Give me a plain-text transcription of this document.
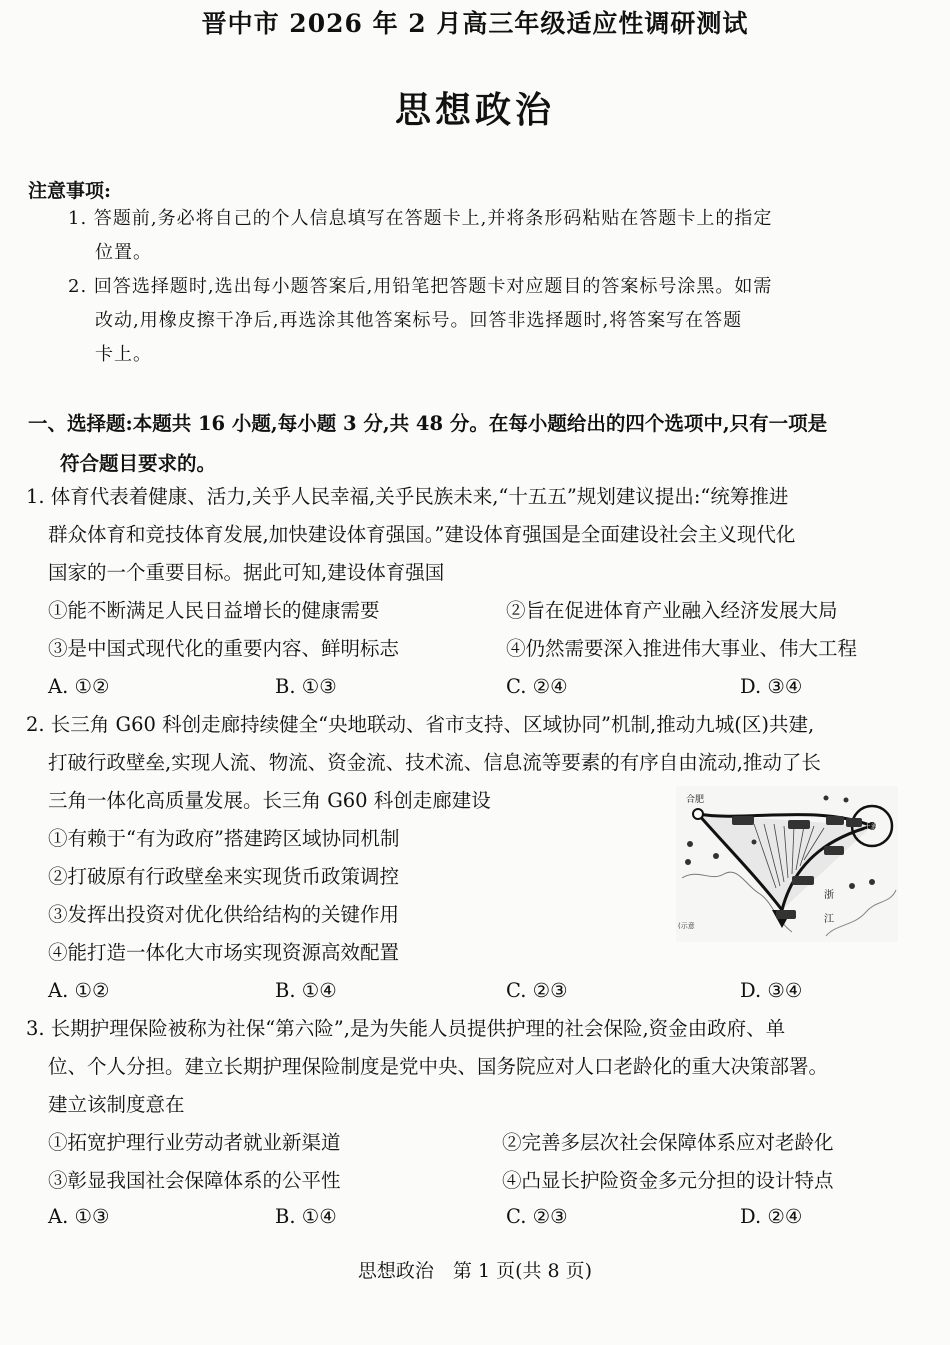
晋中市 2026 年 2 月高三年级适应性调研测试
思想政治
注意事项:
1. 答题前,务必将自己的个人信息填写在答题卡上,并将条形码粘贴在答题卡上的指定
位置。
2. 回答选择题时,选出每小题答案后,用铅笔把答题卡对应题目的答案标号涂黑。如需
改动,用橡皮擦干净后,再选涂其他答案标号。回答非选择题时,将答案写在答题
卡上。
一、选择题:本题共 16 小题,每小题 3 分,共 48 分。在每小题给出的四个选项中,只有一项是
符合题目要求的。
1. 体育代表着健康、活力,关乎人民幸福,关乎民族未来,“十五五”规划建议提出:“统筹推进
群众体育和竞技体育发展,加快建设体育强国。”建设体育强国是全面建设社会主义现代化
国家的一个重要目标。据此可知,建设体育强国
①能不断满足人民日益增长的健康需要	②旨在促进体育产业融入经济发展大局
③是中国式现代化的重要内容、鲜明标志	④仍然需要深入推进伟大事业、伟大工程
A. ①②	B. ①③	C. ②④	D. ③④
2. 长三角 G60 科创走廊持续健全“央地联动、省市支持、区域协同”机制,推动九城(区)共建,
打破行政壁垒,实现人流、物流、资金流、技术流、信息流等要素的有序自由流动,推动了长
三角一体化高质量发展。长三角 G60 科创走廊建设
①有赖于“有为政府”搭建跨区域协同机制
②打破原有行政壁垒来实现货币政策调控
③发挥出投资对优化供给结构的关键作用
④能打造一体化大市场实现资源高效配置
A. ①②	B. ①④	C. ②③	D. ③④
合肥
上海
浙
江
(示意
3. 长期护理保险被称为社保“第六险”,是为失能人员提供护理的社会保险,资金由政府、单
位、个人分担。建立长期护理保险制度是党中央、国务院应对人口老龄化的重大决策部署。
建立该制度意在
①拓宽护理行业劳动者就业新渠道	②完善多层次社会保障体系应对老龄化
③彰显我国社会保障体系的公平性	④凸显长护险资金多元分担的设计特点
A. ①③	B. ①④	C. ②③	D. ②④
思想政治　第 1 页(共 8 页)
